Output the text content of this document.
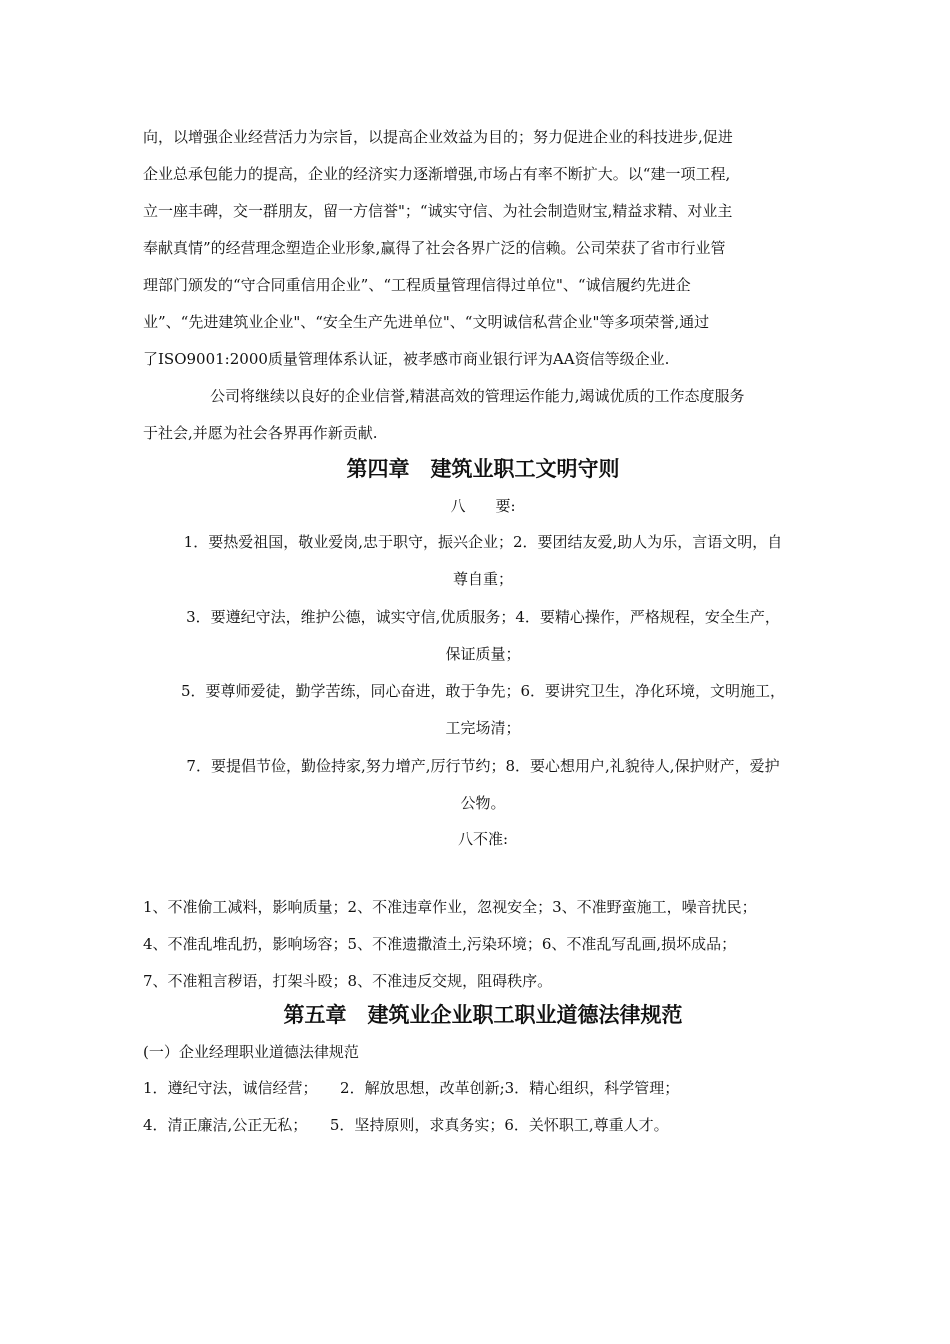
向，以增强企业经营活力为宗旨，以提高企业效益为目的；努力促进企业的科技进步,促进
企业总承包能力的提高，企业的经济实力逐渐增强,市场占有率不断扩大。以“建一项工程,
立一座丰碑，交一群朋友，留一方信誉"；“诚实守信、为社会制造财宝,精益求精、对业主
奉献真情”的经营理念塑造企业形象,赢得了社会各界广泛的信赖。公司荣获了省市行业管
理部门颁发的“守合同重信用企业”、“工程质量管理信得过单位"、“诚信履约先进企
业”、“先进建筑业企业"、“安全生产先进单位"、“文明诚信私营企业"等多项荣誉,通过
了ISO9001:2000质量管理体系认证，被孝感市商业银行评为AA资信等级企业.
公司将继续以良好的企业信誉,精湛高效的管理运作能力,竭诚优质的工作态度服务
于社会,并愿为社会各界再作新贡献.
第四章　建筑业职工文明守则
八　　要:
1．要热爱祖国，敬业爱岗,忠于职守，振兴企业；2．要团结友爱,助人为乐，言语文明，自
尊自重；
3．要遵纪守法，维护公德，诚实守信,优质服务；4．要精心操作，严格规程，安全生产，
保证质量；
5．要尊师爱徒，勤学苦练，同心奋进，敢于争先；6．要讲究卫生，净化环境，文明施工，
工完场清；
7．要提倡节俭，勤俭持家,努力增产,厉行节约；8．要心想用户,礼貌待人,保护财产，爱护
公物。
八不准:
1、不准偷工减料，影响质量；2、不准违章作业，忽视安全；3、不准野蛮施工，噪音扰民；
4、不准乱堆乱扔，影响场容；5、不准遗撒渣土,污染环境；6、不准乱写乱画,损坏成品；
7、不准粗言秽语，打架斗殴；8、不准违反交规，阻碍秩序。
第五章　建筑业企业职工职业道德法律规范
(一）企业经理职业道德法律规范
1．遵纪守法，诚信经营；　　2．解放思想，改革创新;3．精心组织，科学管理；
4．清正廉洁,公正无私；　　5．坚持原则，求真务实；6．关怀职工,尊重人才。
